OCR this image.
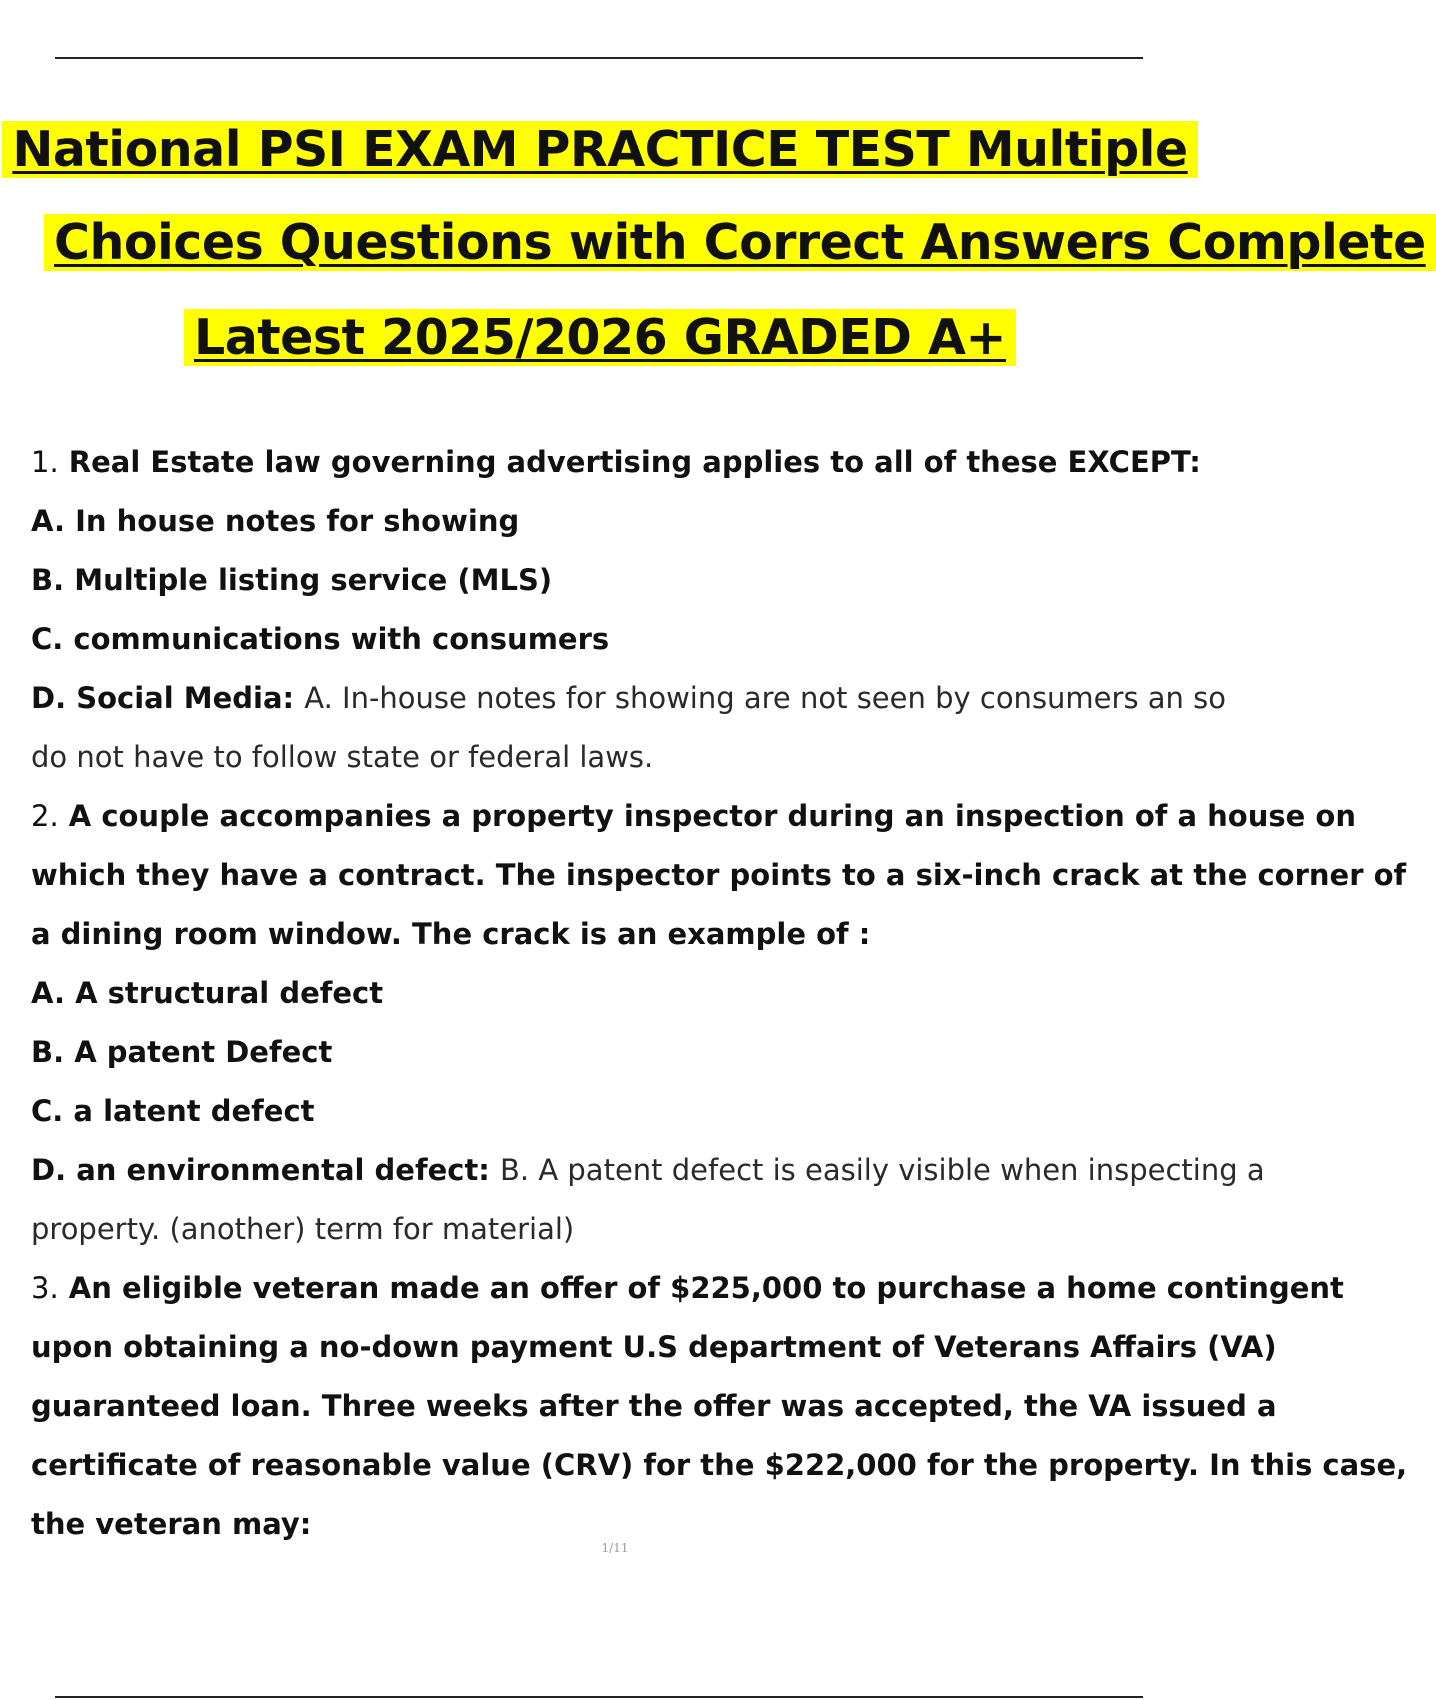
National PSI EXAM PRACTICE TEST Multiple
Choices Questions with Correct Answers Complete
Latest 2025/2026 GRADED A+
1. Real Estate law governing advertising applies to all of these EXCEPT:
A. In house notes for showing
B. Multiple listing service (MLS)
C. communications with consumers
D. Social Media: A. In-house notes for showing are not seen by consumers an so
do not have to follow state or federal laws.
2. A couple accompanies a property inspector during an inspection of a house on
which they have a contract. The inspector points to a six-inch crack at the corner of
a dining room window. The crack is an example of :
A. A structural defect
B. A patent Defect
C. a latent defect
D. an environmental defect: B. A patent defect is easily visible when inspecting a
property. (another) term for material)
3. An eligible veteran made an offer of $225,000 to purchase a home contingent
upon obtaining a no-down payment U.S department of Veterans Affairs (VA)
guaranteed loan. Three weeks after the offer was accepted, the VA issued a
certificate of reasonable value (CRV) for the $222,000 for the property. In this case,
the veteran may:
1/11
